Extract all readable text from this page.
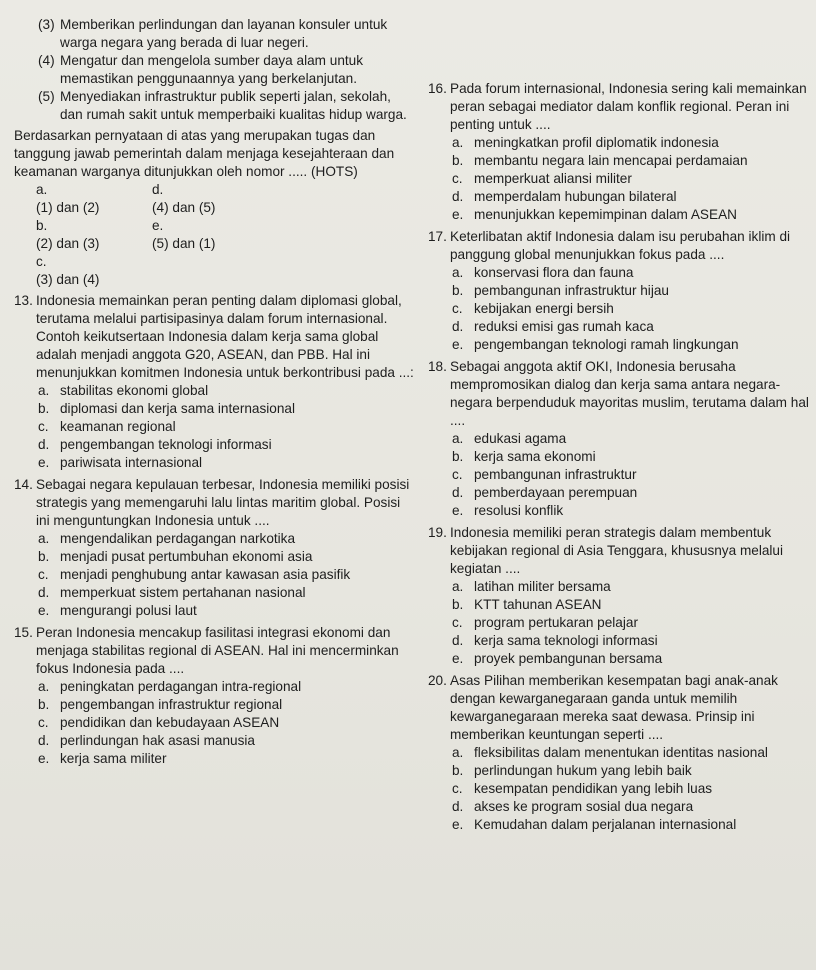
(3) Memberikan perlindungan dan layanan konsuler untuk warga negara yang berada di luar negeri.
(4) Mengatur dan mengelola sumber daya alam untuk memastikan penggunaannya yang berkelanjutan.
(5) Menyediakan infrastruktur publik seperti jalan, sekolah, dan rumah sakit untuk memperbaiki kualitas hidup warga.
Berdasarkan pernyataan di atas yang merupakan tugas dan tanggung jawab pemerintah dalam menjaga kesejahteraan dan keamanan warganya ditunjukkan oleh nomor ..... (HOTS)
a.
(1) dan (2)
d.
(4) dan (5)
b.
(2) dan (3)
e.
(5) dan (1)
c.
(3) dan (4)
13. Indonesia memainkan peran penting dalam diplomasi global, terutama melalui partisipasinya dalam forum internasional. Contoh keikutsertaan Indonesia dalam kerja sama global adalah menjadi anggota G20, ASEAN, dan PBB. Hal ini menunjukkan komitmen Indonesia untuk berkontribusi pada ...:
a. stabilitas ekonomi global
b. diplomasi dan kerja sama internasional
c. keamanan regional
d. pengembangan teknologi informasi
e. pariwisata internasional
14. Sebagai negara kepulauan terbesar, Indonesia memiliki posisi strategis yang memengaruhi lalu lintas maritim global. Posisi ini menguntungkan Indonesia untuk ....
a. mengendalikan perdagangan narkotika
b. menjadi pusat pertumbuhan ekonomi asia
c. menjadi penghubung antar kawasan asia pasifik
d. memperkuat sistem pertahanan nasional
e. mengurangi polusi laut
15. Peran Indonesia mencakup fasilitasi integrasi ekonomi dan menjaga stabilitas regional di ASEAN. Hal ini mencerminkan fokus Indonesia pada ....
a. peningkatan perdagangan intra-regional
b. pengembangan infrastruktur regional
c. pendidikan dan kebudayaan ASEAN
d. perlindungan hak asasi manusia
e. kerja sama militer
16. Pada forum internasional, Indonesia sering kali memainkan peran sebagai mediator dalam konflik regional. Peran ini penting untuk ....
a. meningkatkan profil diplomatik indonesia
b. membantu negara lain mencapai perdamaian
c. memperkuat aliansi militer
d. memperdalam hubungan bilateral
e. menunjukkan kepemimpinan dalam ASEAN
17. Keterlibatan aktif Indonesia dalam isu perubahan iklim di panggung global menunjukkan fokus pada ....
a. konservasi flora dan fauna
b. pembangunan infrastruktur hijau
c. kebijakan energi bersih
d. reduksi emisi gas rumah kaca
e. pengembangan teknologi ramah lingkungan
18. Sebagai anggota aktif OKI, Indonesia berusaha mempromosikan dialog dan kerja sama antara negara-negara berpenduduk mayoritas muslim, terutama dalam hal ....
a. edukasi agama
b. kerja sama ekonomi
c. pembangunan infrastruktur
d. pemberdayaan perempuan
e. resolusi konflik
19. Indonesia memiliki peran strategis dalam membentuk kebijakan regional di Asia Tenggara, khususnya melalui kegiatan ....
a. latihan militer bersama
b. KTT tahunan ASEAN
c. program pertukaran pelajar
d. kerja sama teknologi informasi
e. proyek pembangunan bersama
20. Asas Pilihan memberikan kesempatan bagi anak-anak dengan kewarganegaraan ganda untuk memilih kewarganegaraan mereka saat dewasa. Prinsip ini memberikan keuntungan seperti ....
a. fleksibilitas dalam menentukan identitas nasional
b. perlindungan hukum yang lebih baik
c. kesempatan pendidikan yang lebih luas
d. akses ke program sosial dua negara
e. Kemudahan dalam perjalanan internasional
